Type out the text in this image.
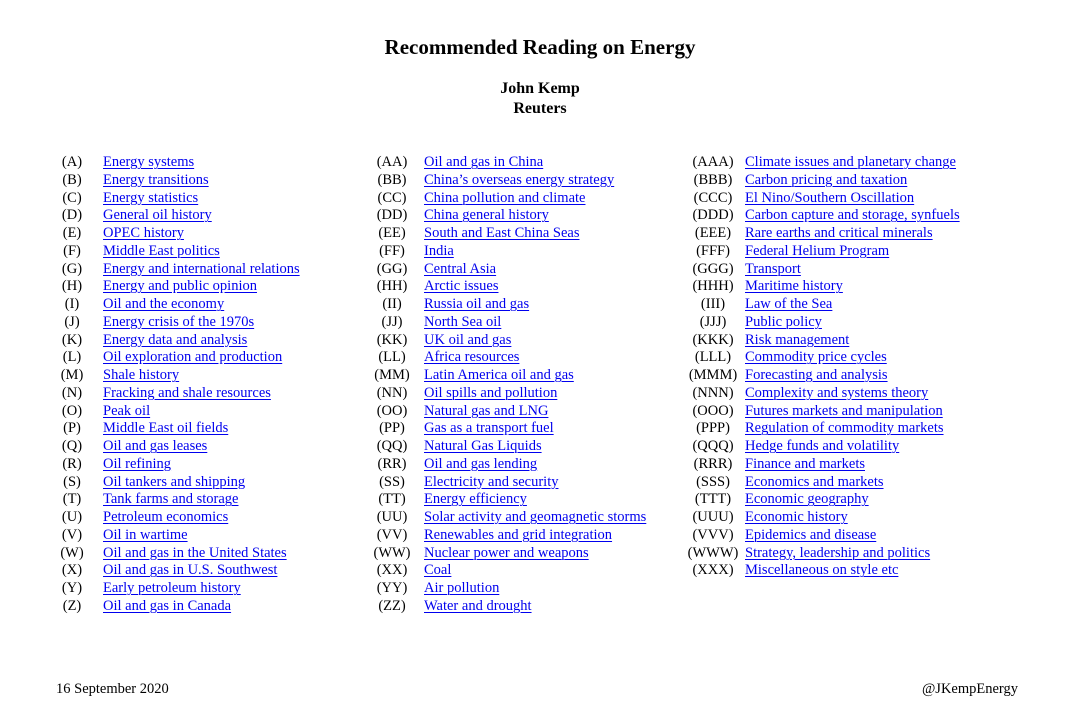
Recommended Reading on Energy
John Kemp
Reuters
(A)	Energy systems
(B)	Energy transitions
(C)	Energy statistics
(D)	General oil history
(E)	OPEC history
(F)	Middle East politics
(G)	Energy and international relations
(H)	Energy and public opinion
(I)	Oil and the economy
(J)	Energy crisis of the 1970s
(K)	Energy data and analysis
(L)	Oil exploration and production
(M)	Shale history
(N)	Fracking and shale resources
(O)	Peak oil
(P)	Middle East oil fields
(Q)	Oil and gas leases
(R)	Oil refining
(S)	Oil tankers and shipping
(T)	Tank farms and storage
(U)	Petroleum economics
(V)	Oil in wartime
(W) Oil and gas in the United States
(X)	Oil and gas in U.S. Southwest
(Y)	Early petroleum history
(Z)	Oil and gas in Canada
(AA)	Oil and gas in China
(BB)	China’s overseas energy strategy
(CC)	China pollution and climate
(DD)	China general history
(EE)	South and East China Seas
(FF)	India
(GG)	Central Asia
(HH)	Arctic issues
(II)	Russia oil and gas
(JJ)	North Sea oil
(KK)	UK oil and gas
(LL)	Africa resources
(MM) Latin America oil and gas
(NN)	Oil spills and pollution
(OO)	Natural gas and LNG
(PP)	Gas as a transport fuel
(QQ)	Natural Gas Liquids
(RR)	Oil and gas lending
(SS)	Electricity and security
(TT)	Energy efficiency
(UU)	Solar activity and geomagnetic storms
(VV)	Renewables and grid integration
(WW) Nuclear power and weapons
(XX)	Coal
(YY)	Air pollution
(ZZ)	Water and drought
(AAA) Climate issues and planetary change
(BBB) Carbon pricing and taxation
(CCC) El Nino/Southern Oscillation
(DDD) Carbon capture and storage, synfuels
(EEE) Rare earths and critical minerals
(FFF)	Federal Helium Program
(GGG) Transport
(HHH) Maritime history
(III)	Law of the Sea
(JJJ)	Public policy
(KKK) Risk management
(LLL) Commodity price cycles
(MMM) Forecasting and analysis
(NNN) Complexity and systems theory
(OOO) Futures markets and manipulation
(PPP)	Regulation of commodity markets
(QQQ) Hedge funds and volatility
(RRR) Finance and markets
(SSS)	Economics and markets
(TTT) Economic geography
(UUU) Economic history
(VVV) Epidemics and disease
(WWW) Strategy, leadership and politics
(XXX) Miscellaneous on style etc
16 September 2020	@JKempEnergy
